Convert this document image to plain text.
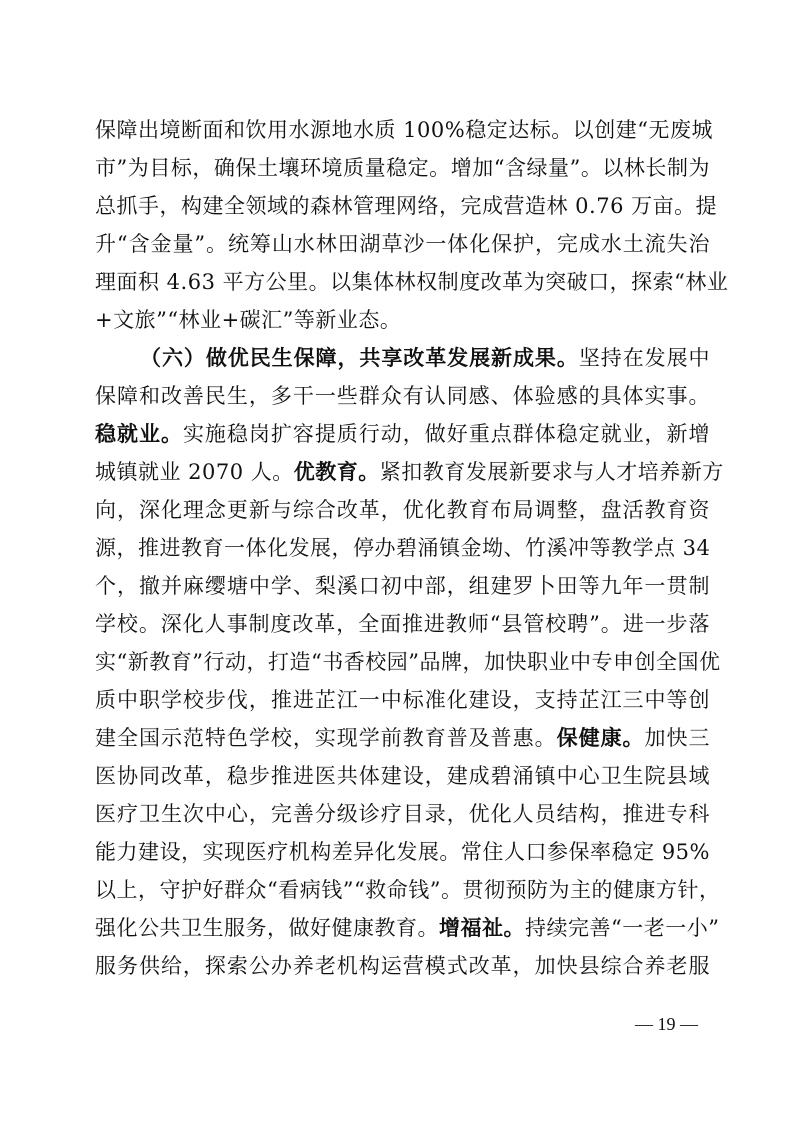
保障出境断面和饮用水源地水质 100%稳定达标。以创建“无废城
市”为目标，确保土壤环境质量稳定。增加“含绿量”。以林长制为
总抓手，构建全领域的森林管理网络，完成营造林 0.76 万亩。提
升“含金量”。统筹山水林田湖草沙一体化保护，完成水土流失治
理面积 4.63 平方公里。以集体林权制度改革为突破口，探索“林业
+文旅”“林业+碳汇”等新业态。
（六）做优民生保障，共享改革发展新成果。坚持在发展中
保障和改善民生，多干一些群众有认同感、体验感的具体实事。
稳就业。实施稳岗扩容提质行动，做好重点群体稳定就业，新增
城镇就业 2070 人。优教育。紧扣教育发展新要求与人才培养新方
向，深化理念更新与综合改革，优化教育布局调整，盘活教育资
源，推进教育一体化发展，停办碧涌镇金坳、竹溪冲等教学点 34
个，撤并麻缨塘中学、梨溪口初中部，组建罗卜田等九年一贯制
学校。深化人事制度改革，全面推进教师“县管校聘”。进一步落
实“新教育”行动，打造“书香校园”品牌，加快职业中专申创全国优
质中职学校步伐，推进芷江一中标准化建设，支持芷江三中等创
建全国示范特色学校，实现学前教育普及普惠。保健康。加快三
医协同改革，稳步推进医共体建设，建成碧涌镇中心卫生院县域
医疗卫生次中心，完善分级诊疗目录，优化人员结构，推进专科
能力建设，实现医疗机构差异化发展。常住人口参保率稳定 95%
以上，守护好群众“看病钱”“救命钱”。贯彻预防为主的健康方针，
强化公共卫生服务，做好健康教育。增福祉。持续完善“一老一小”
服务供给，探索公办养老机构运营模式改革，加快县综合养老服
— 19 —
